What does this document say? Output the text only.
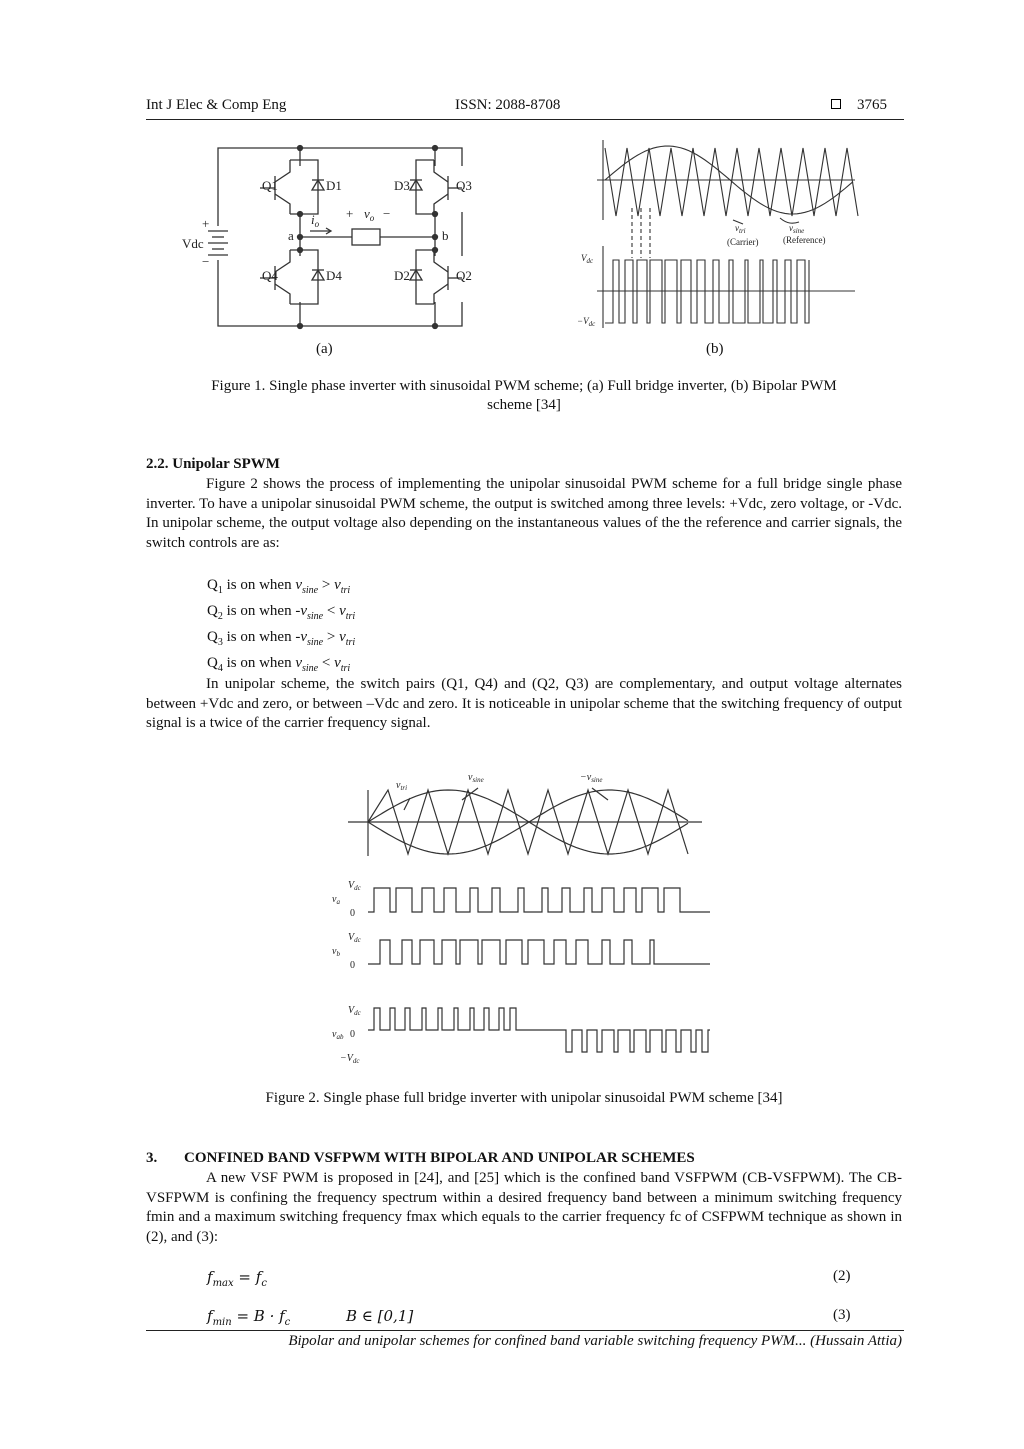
Int J Elec & Comp Eng	ISSN: 2088-8708	3765
Q1	D1	D3	Q3
Q4	D4	D2	Q2
Vdc
+
−
a	b
$i_o$
+ $v_o$ −
$v_{tri}$
(Carrier)
$v_{sine}$
(Reference)
$V_{dc}$
$-V_{dc}$
(a)	(b)
Figure 1. Single phase inverter with sinusoidal PWM scheme; (a) Full bridge inverter, (b) Bipolar PWM
scheme [34]
2.2. Unipolar SPWM
Figure 2 shows the process of implementing the unipolar sinusoidal PWM scheme for a full bridge single phase inverter. To have a unipolar sinusoidal PWM scheme, the output is switched among three levels: +Vdc, zero voltage, or -Vdc. In unipolar scheme, the output voltage also depending on the instantaneous values of the the reference and carrier signals, the switch controls are as:
$Q_1$ is on when $v_{sine} > v_{tri}$
$Q_2$ is on when $-v_{sine} < v_{tri}$
$Q_3$ is on when $-v_{sine} > v_{tri}$
$Q_4$ is on when $v_{sine} < v_{tri}$
In unipolar scheme, the switch pairs (Q1, Q4) and (Q2, Q3) are complementary, and output voltage alternates between +Vdc and zero, or between –Vdc and zero. It is noticeable in unipolar scheme that the switching frequency of output signal is a twice of the carrier frequency signal.
$v_{tri}$
$v_{sine}$	$-v_{sine}$
$V_{dc}$
$v_a$
0
$V_{dc}$
$v_b$
0
$V_{dc}$
$v_{ab}$ 0
$-V_{dc}$
Figure 2. Single phase full bridge inverter with unipolar sinusoidal PWM scheme [34]
3. CONFINED BAND VSFPWM WITH BIPOLAR AND UNIPOLAR SCHEMES
A new VSF PWM is proposed in [24], and [25] which is the confined band VSFPWM (CB-VSFPWM). The CB-VSFPWM is confining the frequency spectrum within a desired frequency band between a minimum switching frequency fmin and a maximum switching frequency fmax which equals to the carrier frequency fc of CSFPWM technique as shown in (2), and (3):
$f_{max} = f_c$	(2)
$f_{min} = B \cdot f_c$	B ∈ [0,1]	(3)
Bipolar and unipolar schemes for confined band variable switching frequency PWM... (Hussain Attia)
